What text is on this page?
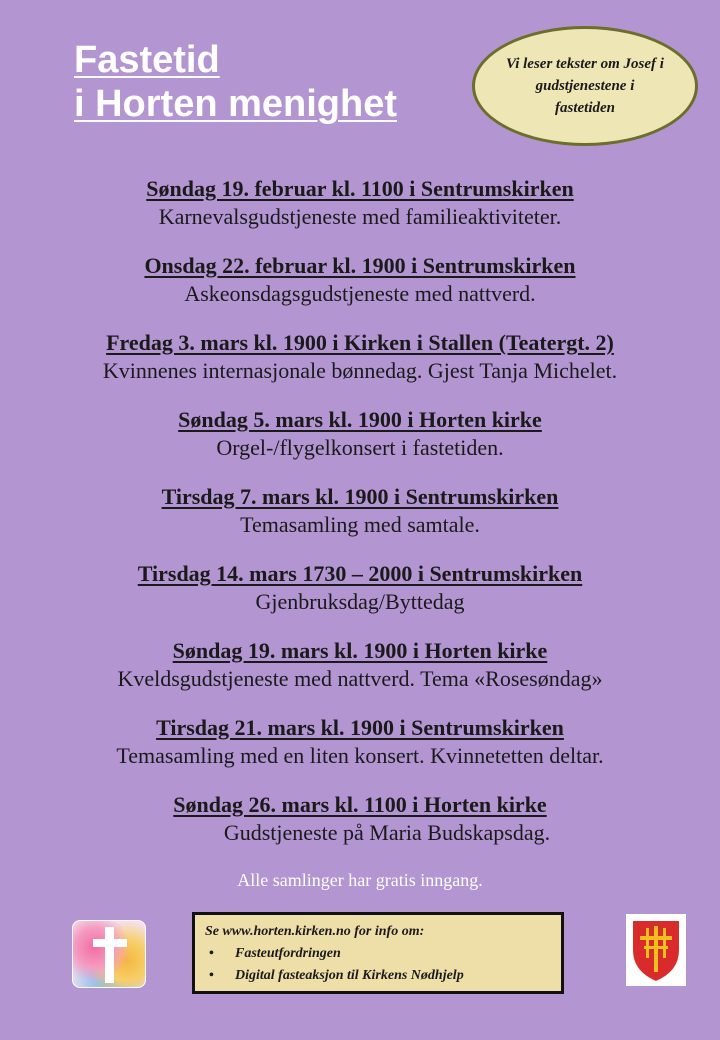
Fastetid
i Horten menighet
Vi leser tekster om Josef i gudstjenestene i fastetiden
Søndag 19. februar kl. 1100 i Sentrumskirken
Karnevalsgudstjeneste med familieaktiviteter.
Onsdag 22. februar kl. 1900 i Sentrumskirken
Askeonsdagsgudstjeneste med nattverd.
Fredag 3. mars kl. 1900 i Kirken i Stallen (Teatergt. 2)
Kvinnenes internasjonale bønnedag. Gjest Tanja Michelet.
Søndag 5. mars kl. 1900 i Horten kirke
Orgel-/flygelkonsert i fastetiden.
Tirsdag 7. mars kl. 1900 i Sentrumskirken
Temasamling med samtale.
Tirsdag 14. mars 1730 – 2000 i Sentrumskirken
Gjenbruksdag/Byttedag
Søndag 19. mars kl. 1900 i Horten kirke
Kveldsgudstjeneste med nattverd. Tema «Rosesøndag»
Tirsdag 21. mars kl. 1900 i Sentrumskirken
Temasamling med en liten konsert. Kvinnetetten deltar.
Søndag 26. mars kl. 1100 i Horten kirke
Gudstjeneste på Maria Budskapsdag.
Alle samlinger har gratis inngang.
Se www.horten.kirken.no for info om:
• Fasteutfordringen
• Digital fasteaksjon til Kirkens Nødhjelp
